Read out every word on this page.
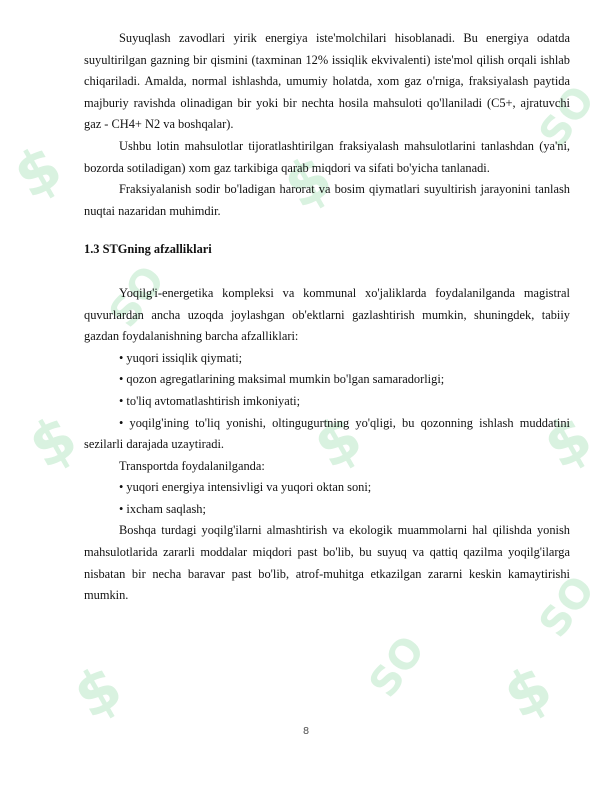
$
$
$
$
$
$
$
SO
SO
SO
SO

Suyuqlash zavodlari yirik energiya iste'molchilari hisoblanadi. Bu energiya odatda suyultirilgan gazning bir qismini (taxminan 12% issiqlik ekvivalenti) iste'mol qilish orqali ishlab chiqariladi. Amalda, normal ishlashda, umumiy holatda, xom gaz o'rniga, fraksiyalash paytida majburiy ravishda olinadigan bir yoki bir nechta hosila mahsuloti qo'llaniladi (C5+, ajratuvchi gaz - CH4+ N2 va boshqalar).

Ushbu lotin mahsulotlar tijoratlashtirilgan fraksiyalash mahsulotlarini tanlashdan (ya'ni, bozorda sotiladigan) xom gaz tarkibiga qarab miqdori va sifati bo'yicha tanlanadi.

Fraksiyalanish sodir bo'ladigan harorat va bosim qiymatlari suyultirish jarayonini tanlash nuqtai nazaridan muhimdir.

1.3 STGning afzalliklari

Yoqilg'i-energetika kompleksi va kommunal xo'jaliklarda foydalanilganda magistral quvurlardan ancha uzoqda joylashgan ob'ektlarni gazlashtirish mumkin, shuningdek, tabiiy gazdan foydalanishning barcha afzalliklari:

• yuqori issiqlik qiymati;

• qozon agregatlarining maksimal mumkin bo'lgan samaradorligi;

• to'liq avtomatlashtirish imkoniyati;

• yoqilg'ining to'liq yonishi, oltingugurtning yo'qligi, bu qozonning ishlash muddatini sezilarli darajada uzaytiradi.

Transportda foydalanilganda:

• yuqori energiya intensivligi va yuqori oktan soni;

• ixcham saqlash;

Boshqa turdagi yoqilg'ilarni almashtirish va ekologik muammolarni hal qilishda yonish mahsulotlarida zararli moddalar miqdori past bo'lib, bu suyuq va qattiq qazilma yoqilg'ilarga nisbatan bir necha baravar past bo'lib, atrof-muhitga etkazilgan zararni keskin kamaytirishi mumkin.

8
